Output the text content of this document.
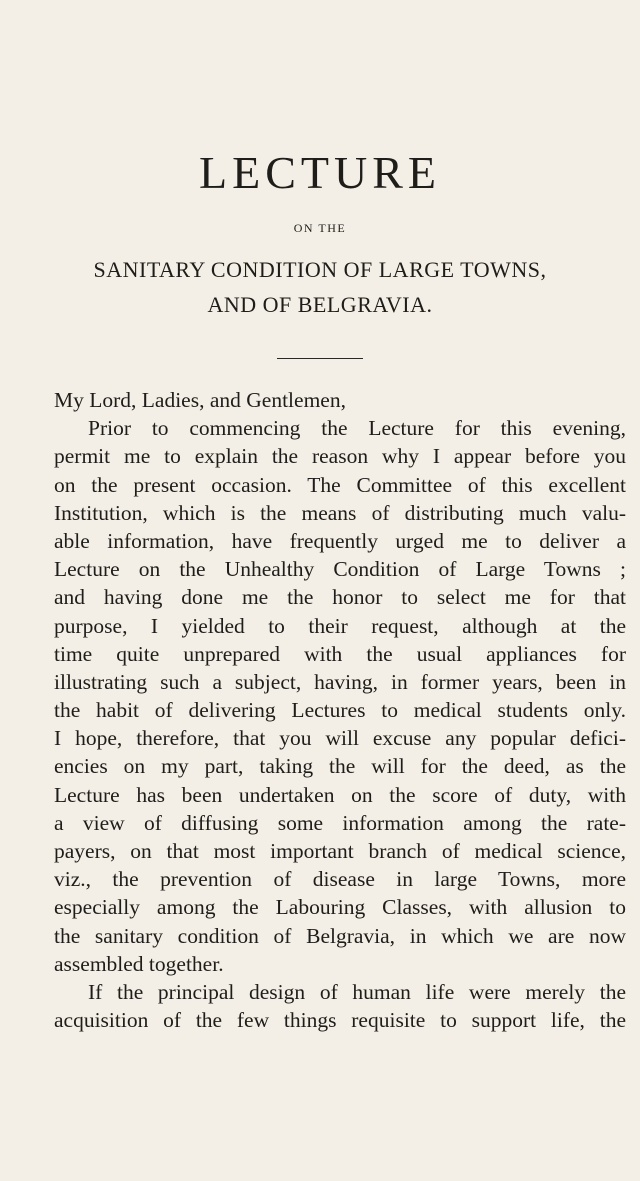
LECTURE
ON THE
SANITARY CONDITION OF LARGE TOWNS,
AND OF BELGRAVIA.
My Lord, Ladies, and Gentlemen,
Prior to commencing the Lecture for this evening,
permit me to explain the reason why I appear before you
on the present occasion. The Committee of this excellent
Institution, which is the means of distributing much valu-
able information, have frequently urged me to deliver a
Lecture on the Unhealthy Condition of Large Towns ;
and having done me the honor to select me for that
purpose, I yielded to their request, although at the
time quite unprepared with the usual appliances for
illustrating such a subject, having, in former years, been in
the habit of delivering Lectures to medical students only.
I hope, therefore, that you will excuse any popular defici-
encies on my part, taking the will for the deed, as the
Lecture has been undertaken on the score of duty, with
a view of diffusing some information among the rate-
payers, on that most important branch of medical science,
viz., the prevention of disease in large Towns, more
especially among the Labouring Classes, with allusion to
the sanitary condition of Belgravia, in which we are now
assembled together.
If the principal design of human life were merely the
acquisition of the few things requisite to support life, the
